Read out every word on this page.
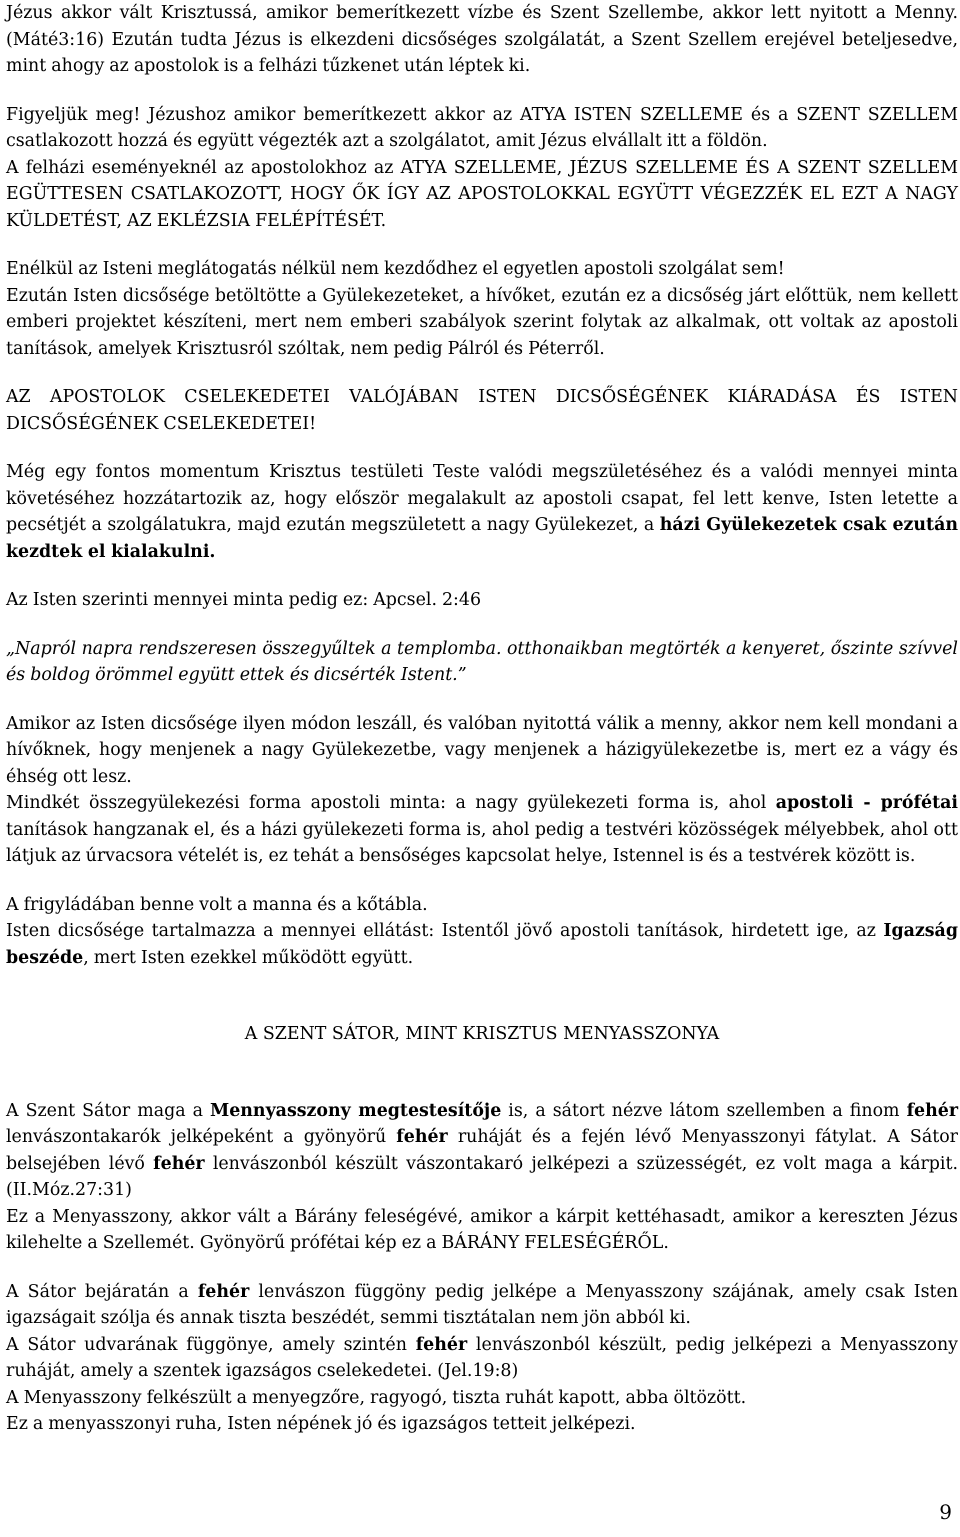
Jézus akkor vált Krisztussá, amikor bemerítkezett vízbe és Szent Szellembe, akkor lett nyitott a Menny. (Máté3:16) Ezután tudta Jézus is elkezdeni dicsőséges szolgálatát, a Szent Szellem erejével beteljesedve, mint ahogy az apostolok is a felházi tűzkenet után léptek ki.

Figyeljük meg! Jézushoz amikor bemerítkezett akkor az ATYA ISTEN SZELLEME és a SZENT SZELLEM csatlakozott hozzá és együtt végezték azt a szolgálatot, amit Jézus elvállalt itt a földön.

A felházi eseményeknél az apostolokhoz az ATYA SZELLEME, JÉZUS SZELLEME ÉS A SZENT SZELLEM EGÜTTESEN CSATLAKOZOTT, HOGY ŐK ÍGY AZ APOSTOLOKKAL EGYÜTT VÉGEZZÉK EL EZT A NAGY KÜLDETÉST, AZ EKLÉZSIA FELÉPÍTÉSÉT.

Enélkül az Isteni meglátogatás nélkül nem kezdődhez el egyetlen apostoli szolgálat sem!

Ezután Isten dicsősége betöltötte a Gyülekezeteket, a hívőket, ezután ez a dicsőség járt előttük, nem kellett emberi projektet készíteni, mert nem emberi szabályok szerint folytak az alkalmak, ott voltak az apostoli tanítások, amelyek Krisztusról szóltak, nem pedig Pálról és Péterről.

AZ APOSTOLOK CSELEKEDETEI VALÓJÁBAN ISTEN DICSŐSÉGÉNEK KIÁRADÁSA ÉS ISTEN DICSŐSÉGÉNEK CSELEKEDETEI!

Még egy fontos momentum Krisztus testületi Teste valódi megszületéséhez és a valódi mennyei minta követéséhez hozzátartozik az, hogy először megalakult az apostoli csapat, fel lett kenve, Isten letette a pecsétjét a szolgálatukra, majd ezután megszületett a nagy Gyülekezet, a házi Gyülekezetek csak ezután kezdtek el kialakulni.

Az Isten szerinti mennyei minta pedig ez: Apcsel. 2:46

„Napról napra rendszeresen összegyűltek a templomba. otthonaikban megtörték a kenyeret, őszinte szívvel és boldog örömmel együtt ettek és dicsérték Istent.”

Amikor az Isten dicsősége ilyen módon leszáll, és valóban nyitottá válik a menny, akkor nem kell mondani a hívőknek, hogy menjenek a nagy Gyülekezetbe, vagy menjenek a házigyülekezetbe is, mert ez a vágy és éhség ott lesz.

Mindkét összegyülekezési forma apostoli minta: a nagy gyülekezeti forma is, ahol apostoli - prófétai tanítások hangzanak el, és a házi gyülekezeti forma is, ahol pedig a testvéri közösségek mélyebbek, ahol ott látjuk az úrvacsora vételét is, ez tehát a bensőséges kapcsolat helye, Istennel is és a testvérek között is.

A frigyládában benne volt a manna és a kőtábla.

Isten dicsősége tartalmazza a mennyei ellátást: Istentől jövő apostoli tanítások, hirdetett ige, az Igazság beszéde, mert Isten ezekkel működött együtt.

A SZENT SÁTOR, MINT KRISZTUS MENYASSZONYA

A Szent Sátor maga a Mennyasszony megtestesítője is, a sátort nézve látom szellemben a finom fehér lenvászontakarók jelképeként a gyönyörű fehér ruháját és a fején lévő Menyasszonyi fátylat. A Sátor belsejében lévő fehér lenvászonból készült vászontakaró jelképezi a szüzességét, ez volt maga a kárpit. (II.Móz.27:31)

Ez a Menyasszony, akkor vált a Bárány feleségévé, amikor a kárpit kettéhasadt, amikor a kereszten Jézus kilehelte a Szellemét. Gyönyörű prófétai kép ez a BÁRÁNY FELESÉGÉRŐL.

A Sátor bejáratán a fehér lenvászon függöny pedig jelképe a Menyasszony szájának, amely csak Isten igazságait szólja és annak tiszta beszédét, semmi tisztátalan nem jön abból ki.

A Sátor udvarának függönye, amely szintén fehér lenvászonból készült, pedig jelképezi a Menyasszony ruháját, amely a szentek igazságos cselekedetei. (Jel.19:8)

A Menyasszony felkészült a menyegzőre, ragyogó, tiszta ruhát kapott, abba öltözött.

Ez a menyasszonyi ruha, Isten népének jó és igazságos tetteit jelképezi.

9
